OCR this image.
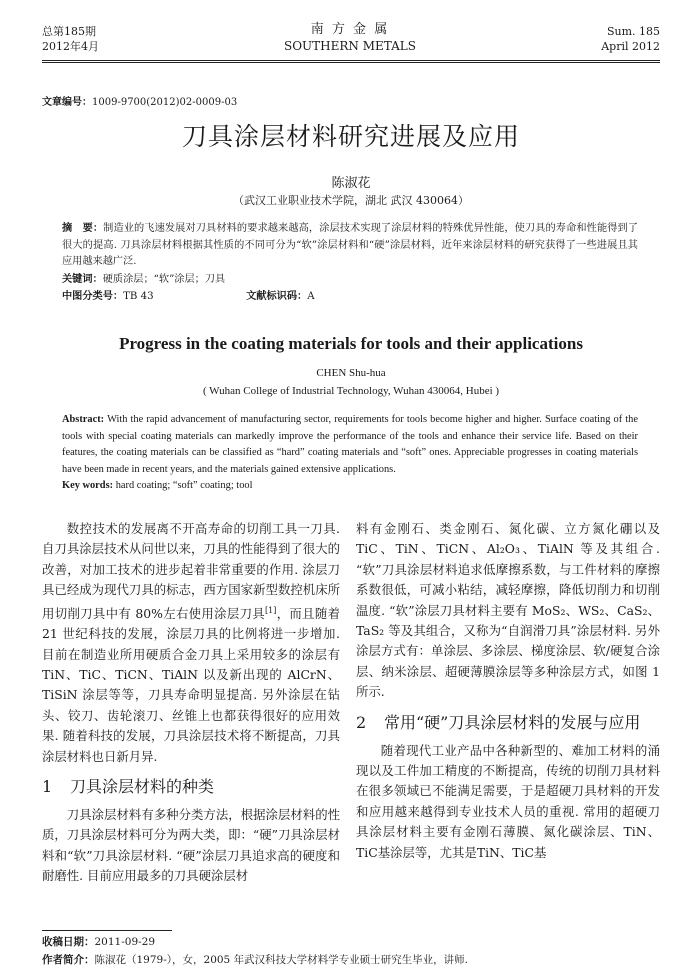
总第185期
2012年4月
南 方 金 属
SOUTHERN METALS
Sum. 185
April 2012
文章编号：1009-9700(2012)02-0009-03
刀具涂层材料研究进展及应用
陈淑花
（武汉工业职业技术学院，湖北 武汉 430064）
摘　要：制造业的飞速发展对刀具材料的要求越来越高，涂层技术实现了涂层材料的特殊优异性能，使刀具的寿命和性能得到了很大的提高. 刀具涂层材料根据其性质的不同可分为“软”涂层材料和“硬”涂层材料，近年来涂层材料的研究获得了一些进展且其应用越来越广泛.
关键词：硬质涂层；“软”涂层；刀具
中图分类号：TB 43	文献标识码：A
Progress in the coating materials for tools and their applications
CHEN Shu-hua
( Wuhan College of Industrial Technology, Wuhan 430064, Hubei )
Abstract: With the rapid advancement of manufacturing sector, requirements for tools become higher and higher. Surface coating of the tools with special coating materials can markedly improve the performance of the tools and enhance their service life. Based on their features, the coating materials can be classified as “hard” coating materials and “soft” ones. Appreciable progresses in coating materials have been made in recent years, and the materials gained extensive applications.
Key words: hard coating; “soft” coating; tool

数控技术的发展离不开高寿命的切削工具一刀具. 自刀具涂层技术从问世以来，刀具的性能得到了很大的改善，对加工技术的进步起着非常重要的作用. 涂层刀具已经成为现代刀具的标志，西方国家新型数控机床所用切削刀具中有 80%左右使用涂层刀具[1]，而且随着 21 世纪科技的发展，涂层刀具的比例将进一步增加. 目前在制造业所用硬质合金刀具上采用较多的涂层有 TiN、TiC、TiCN、TiAlN 以及新出现的 AlCrN、TiSiN 涂层等等，刀具寿命明显提高. 另外涂层在钻头、铰刀、齿轮滚刀、丝锥上也都获得很好的应用效果. 随着科技的发展，刀具涂层技术将不断提高，刀具涂层材料也日新月异.

1 刀具涂层材料的种类

刀具涂层材料有多种分类方法，根据涂层材料的性质，刀具涂层材料可分为两大类，即：“硬”刀具涂层材料和“软”刀具涂层材料. “硬”涂层刀具追求高的硬度和耐磨性. 目前应用最多的刀具硬涂层材

料有金刚石、类金刚石、氮化碳、立方氮化硼以及 TiC、TiN、TiCN、Al₂O₃、TiAlN 等及其组合. “软”刀具涂层材料追求低摩擦系数，与工件材料的摩擦系数很低，可减小粘结，减轻摩擦，降低切削力和切削温度. “软”涂层刀具材料主要有 MoS₂、WS₂、CaS₂、TaS₂ 等及其组合，又称为“自润滑刀具”涂层材料. 另外涂层方式有：单涂层、多涂层、梯度涂层、软/硬复合涂层、纳米涂层、超硬薄膜涂层等多种涂层方式，如图 1 所示.

2 常用“硬”刀具涂层材料的发展与应用

随着现代工业产品中各种新型的、难加工材料的涌现以及工件加工精度的不断提高，传统的切削刀具材料在很多领域已不能满足需要，于是超硬刀具材料的开发和应用越来越得到专业技术人员的重视. 常用的超硬刀具涂层材料主要有金刚石薄膜、氮化碳涂层、TiN、TiC基涂层等，尤其是TiN、TiC基

收稿日期：2011-09-29
作者简介：陈淑花（1979-），女，2005 年武汉科技大学材料学专业硕士研究生毕业，讲师.
